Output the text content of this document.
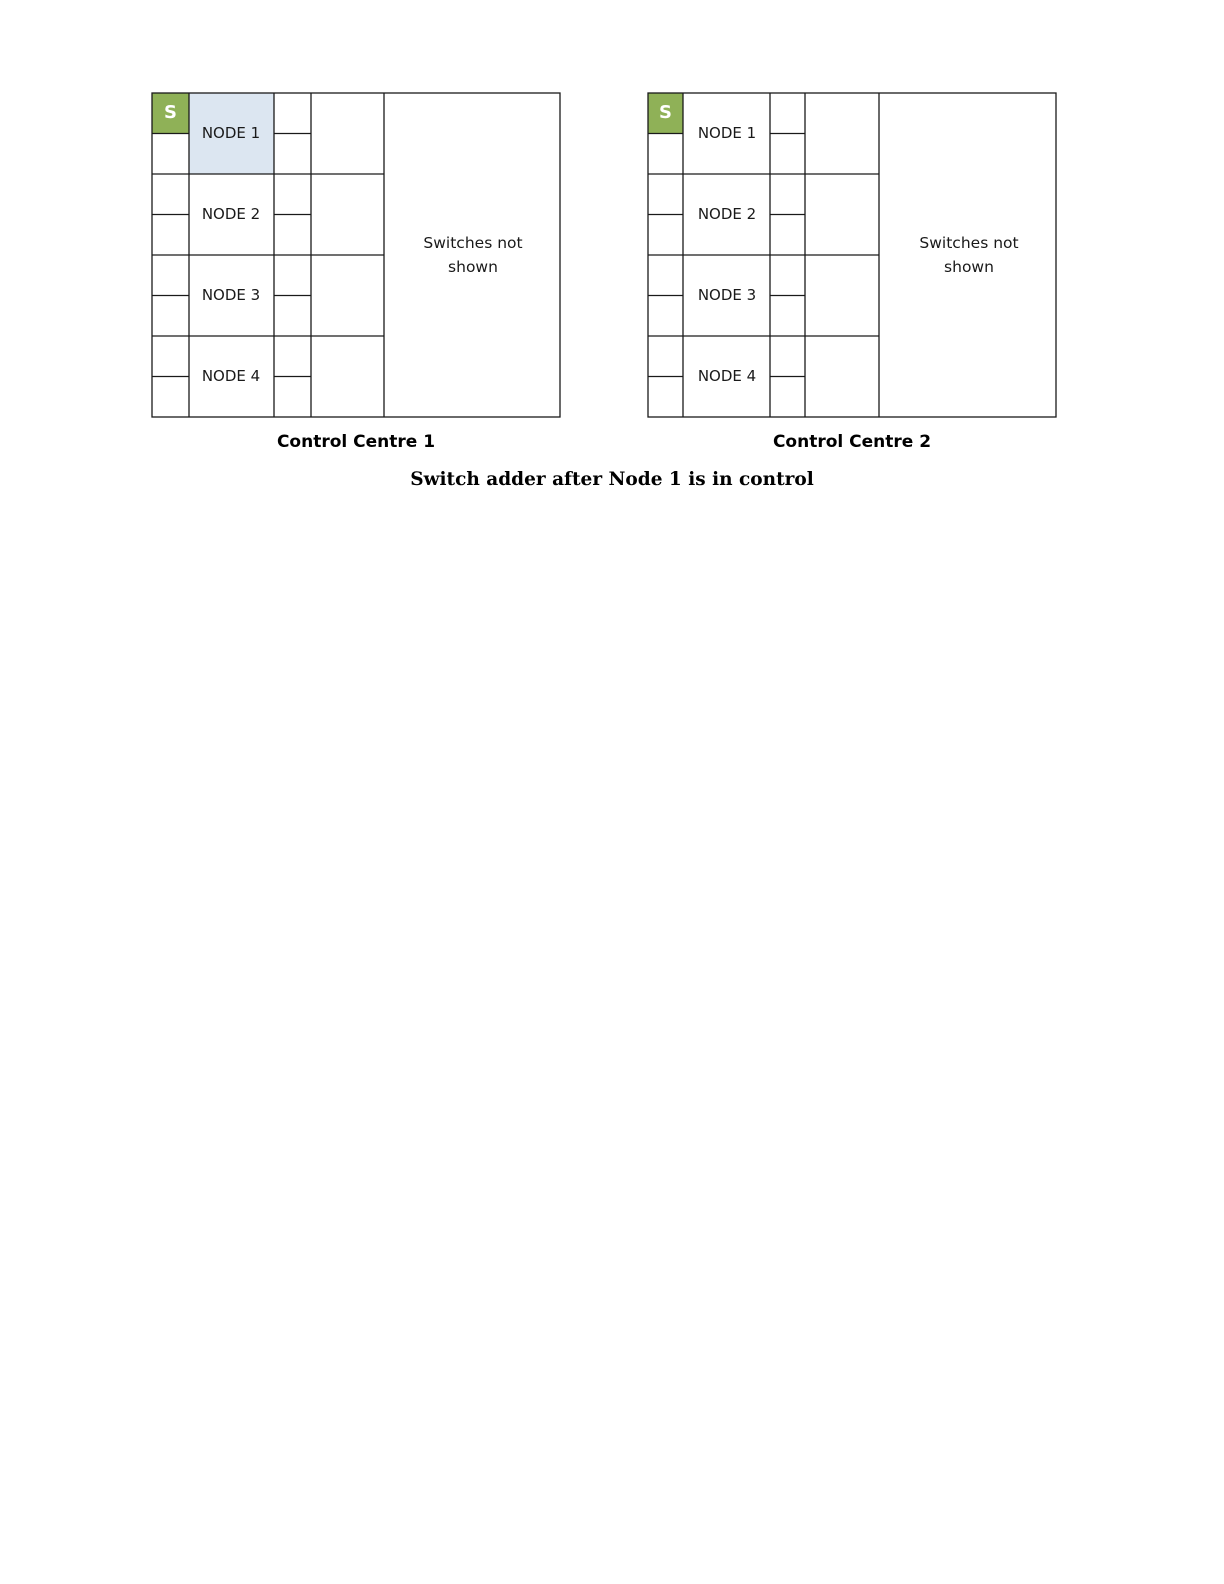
S
NODE 1
NODE 2
NODE 3
NODE 4
Switches not shown
S
NODE 1
NODE 2
NODE 3
NODE 4
Switches not shown
Control Centre 1	Control Centre 2
Switch adder after Node 1 is in control
